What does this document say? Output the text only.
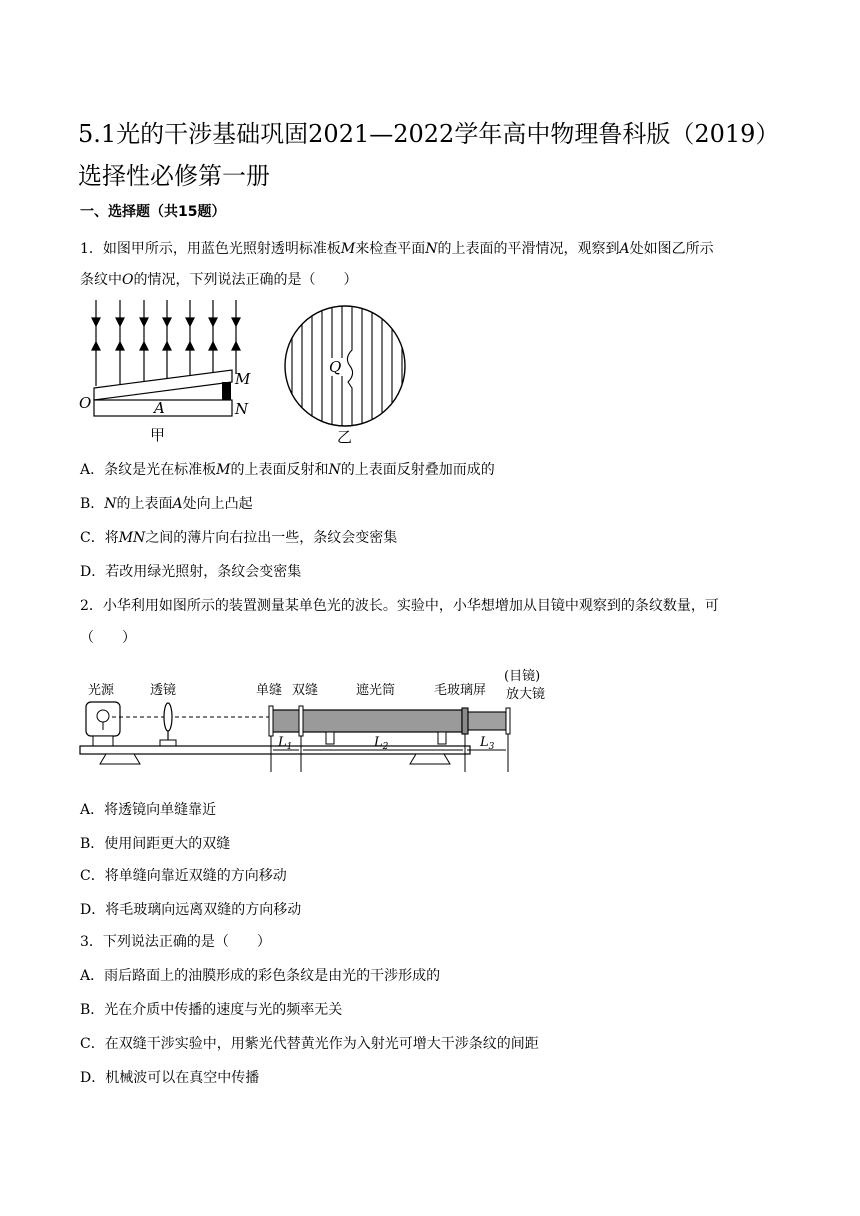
5.1光的干涉基础巩固2021—2022学年高中物理鲁科版（2019）选择性必修第一册
一、选择题（共15题）
1．如图甲所示，用蓝色光照射透明标准板M来检查平面N的上表面的平滑情况，观察到A处如图乙所示
条纹中O的情况，下列说法正确的是（　　）
M
N
O	A
甲
Q
乙
A．条纹是光在标准板M的上表面反射和N的上表面反射叠加而成的
B．N的上表面A处向上凸起
C．将MN之间的薄片向右拉出一些，条纹会变密集
D．若改用绿光照射，条纹会变密集
2．小华利用如图所示的装置测量某单色光的波长。实验中，小华想增加从目镜中观察到的条纹数量，可
（　　）
光源	透镜	单缝 双缝	遮光筒	毛玻璃屏
(目镜)
放大镜
$L_1$	$L_2$	$L_3$
A．将透镜向单缝靠近
B．使用间距更大的双缝
C．将单缝向靠近双缝的方向移动
D．将毛玻璃向远离双缝的方向移动
3．下列说法正确的是（　　）
A．雨后路面上的油膜形成的彩色条纹是由光的干涉形成的
B．光在介质中传播的速度与光的频率无关
C．在双缝干涉实验中，用紫光代替黄光作为入射光可增大干涉条纹的间距
D．机械波可以在真空中传播
